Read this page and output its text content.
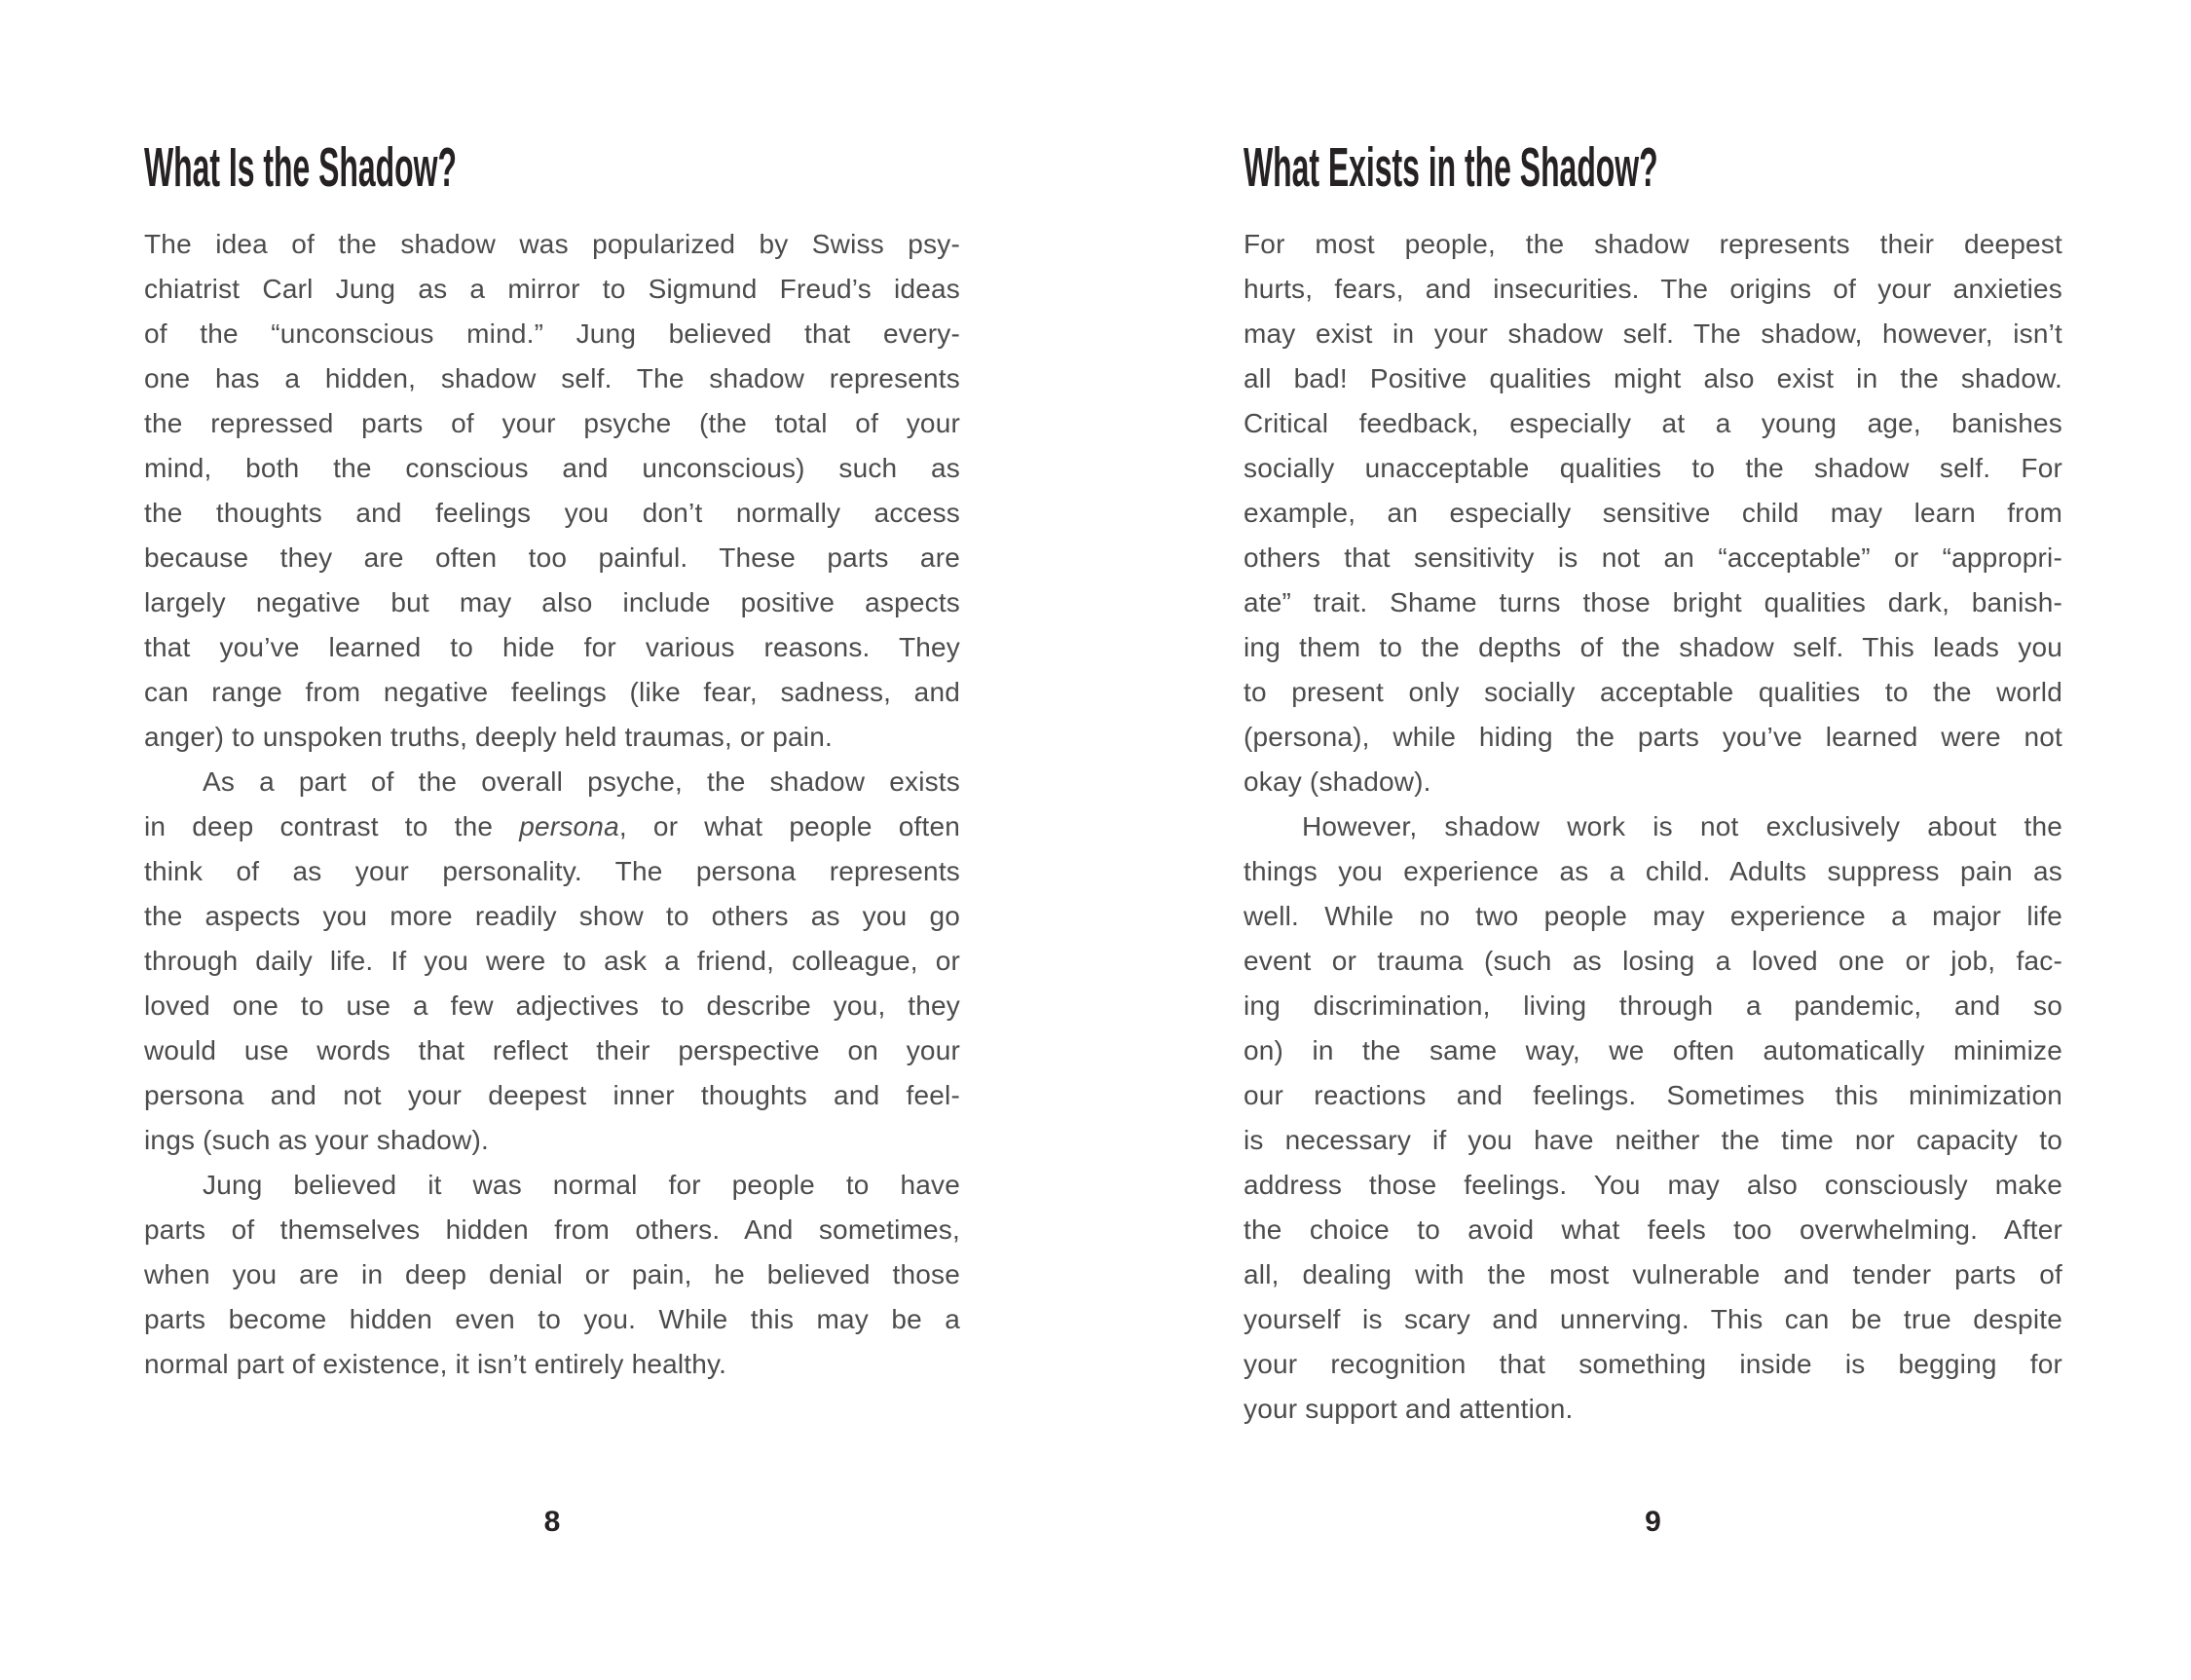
What Is the Shadow?
The idea of the shadow was popularized by Swiss psy-
chiatrist Carl Jung as a mirror to Sigmund Freud’s ideas
of the “unconscious mind.” Jung believed that every-
one has a hidden, shadow self. The shadow represents
the repressed parts of your psyche (the total of your
mind, both the conscious and unconscious) such as
the thoughts and feelings you don’t normally access
because they are often too painful. These parts are
largely negative but may also include positive aspects
that you’ve learned to hide for various reasons. They
can range from negative feelings (like fear, sadness, and
anger) to unspoken truths, deeply held traumas, or pain.
As a part of the overall psyche, the shadow exists
in deep contrast to the persona, or what people often
think of as your personality. The persona represents
the aspects you more readily show to others as you go
through daily life. If you were to ask a friend, colleague, or
loved one to use a few adjectives to describe you, they
would use words that reflect their perspective on your
persona and not your deepest inner thoughts and feel-
ings (such as your shadow).
Jung believed it was normal for people to have
parts of themselves hidden from others. And sometimes,
when you are in deep denial or pain, he believed those
parts become hidden even to you. While this may be a
normal part of existence, it isn’t entirely healthy.
8
What Exists in the Shadow?
For most people, the shadow represents their deepest
hurts, fears, and insecurities. The origins of your anxieties
may exist in your shadow self. The shadow, however, isn’t
all bad! Positive qualities might also exist in the shadow.
Critical feedback, especially at a young age, banishes
socially unacceptable qualities to the shadow self. For
example, an especially sensitive child may learn from
others that sensitivity is not an “acceptable” or “appropri-
ate” trait. Shame turns those bright qualities dark, banish-
ing them to the depths of the shadow self. This leads you
to present only socially acceptable qualities to the world
(persona), while hiding the parts you’ve learned were not
okay (shadow).
However, shadow work is not exclusively about the
things you experience as a child. Adults suppress pain as
well. While no two people may experience a major life
event or trauma (such as losing a loved one or job, fac-
ing discrimination, living through a pandemic, and so
on) in the same way, we often automatically minimize
our reactions and feelings. Sometimes this minimization
is necessary if you have neither the time nor capacity to
address those feelings. You may also consciously make
the choice to avoid what feels too overwhelming. After
all, dealing with the most vulnerable and tender parts of
yourself is scary and unnerving. This can be true despite
your recognition that something inside is begging for
your support and attention.
9
